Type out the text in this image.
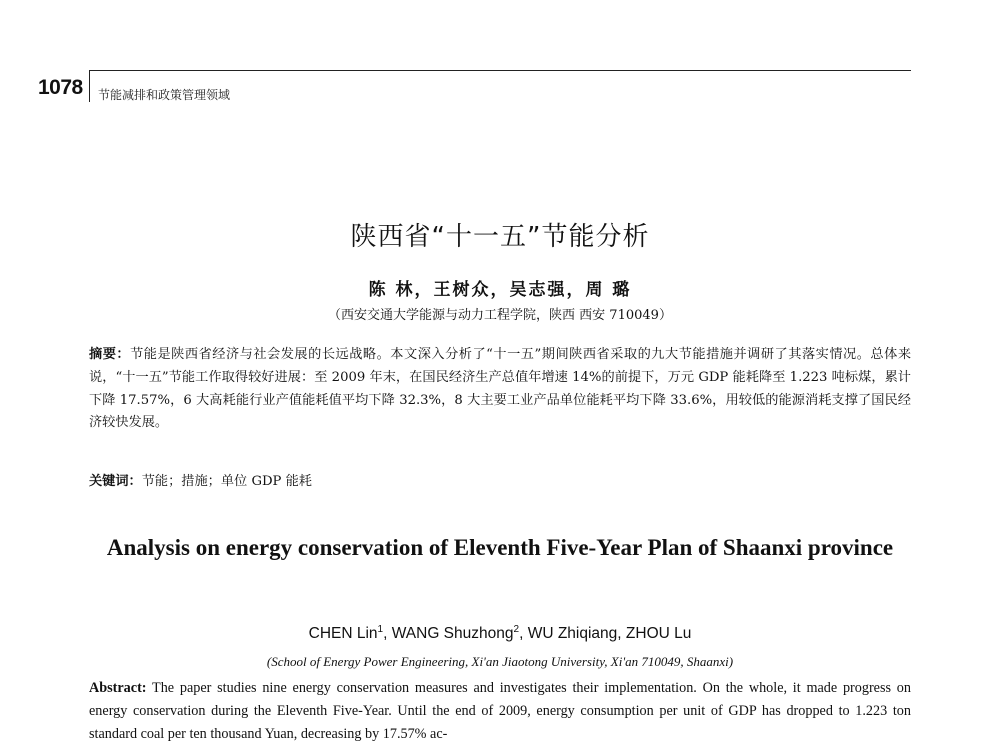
1078 节能减排和政策管理领域
陕西省“十一五”节能分析
陈 林，王树众，吴志强，周 璐
（西安交通大学能源与动力工程学院，陕西 西安 710049）

摘要：节能是陕西省经济与社会发展的长远战略。本文深入分析了“十一五”期间陕西省采取的九大节能措施并调研了其落实情况。总体来说，“十一五”节能工作取得较好进展：至 2009 年末，在国民经济生产总值年增速 14%的前提下，万元 GDP 能耗降至 1.223 吨标煤，累计下降 17.57%，6 大高耗能行业产值能耗值平均下降 32.3%，8 大主要工业产品单位能耗平均下降 33.6%，用较低的能源消耗支撑了国民经济较快发展。

关键词：节能；措施；单位 GDP 能耗

Analysis on energy conservation of Eleventh Five-Year Plan of Shaanxi province

CHEN Lin$^1$, WANG Shuzhong$^2$, WU Zhiqiang, ZHOU Lu
(School of Energy Power Engineering, Xi'an Jiaotong University, Xi'an 710049, Shaanxi)

Abstract: The paper studies nine energy conservation measures and investigates their implementation. On the whole, it made progress on energy conservation during the Eleventh Five-Year. Until the end of 2009, energy consumption per unit of GDP has dropped to 1.223 ton standard coal per ten thousand Yuan, decreasing by 17.57% ac-
